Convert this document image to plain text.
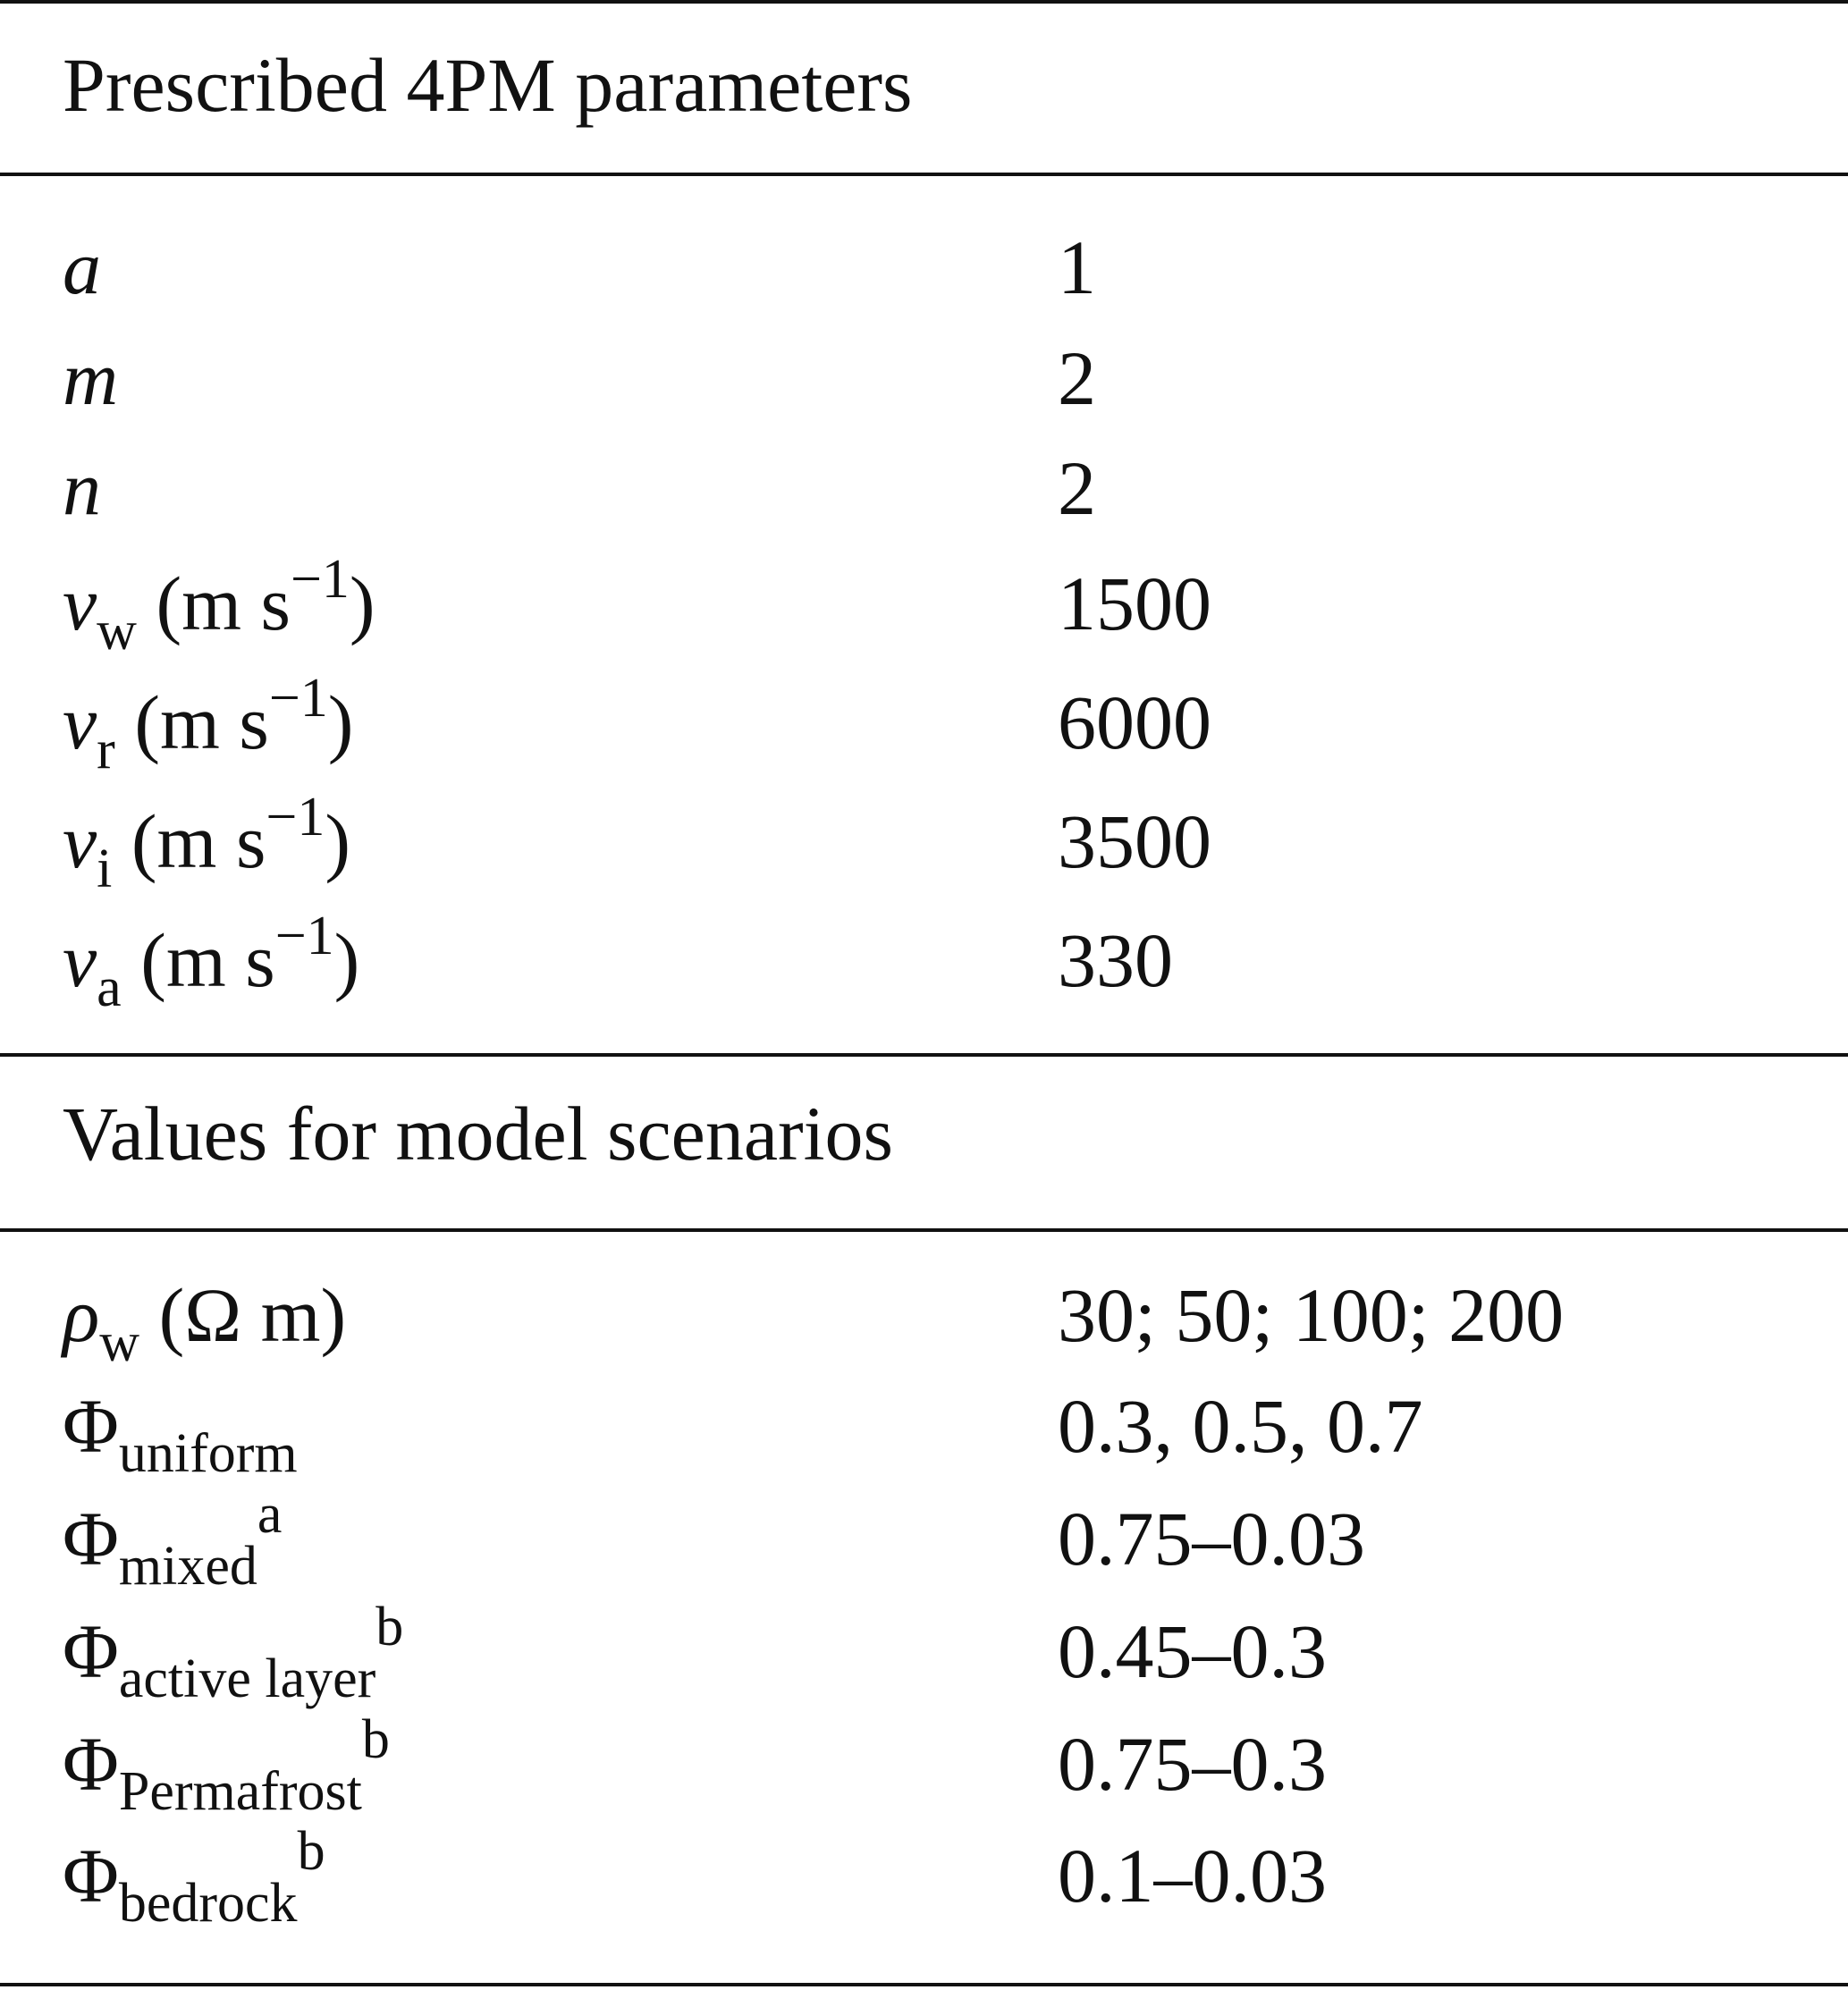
Prescribed 4PM parameters
a	1
m	2
n	2
$v_w$ (m $s^{-1}$)	1500
$v_r$ (m $s^{-1}$)	6000
$v_i$ (m $s^{-1}$)	3500
$v_a$ (m $s^{-1}$)	330
Values for model scenarios
$\rho_w$ (Ω m)	30; 50; 100; 200
$\Phi_{uniform}$	0.3, 0.5, 0.7
$\Phi_{mixed}^a$	0.75–0.03
$\Phi_{active layer}^b$	0.45–0.3
$\Phi_{Permafrost}^b$	0.75–0.3
$\Phi_{bedrock}^b$	0.1–0.03
